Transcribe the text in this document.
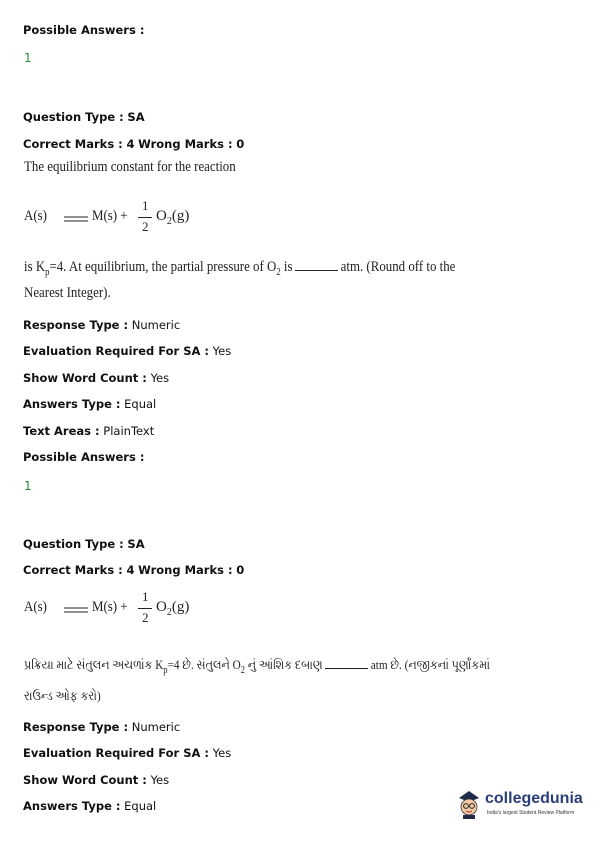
Possible Answers :
1
Question Type : SA
Correct Marks : 4 Wrong Marks : 0
The equilibrium constant for the reaction
A(s)	M(s) +
1
2
$O_2(g)$
is $K_p=4$. At equilibrium, the partial pressure of $O_2$ is	atm. (Round off to the
Nearest Integer).
Response Type : Numeric
Evaluation Required For SA : Yes
Show Word Count : Yes
Answers Type : Equal
Text Areas : PlainText
Possible Answers :
1
Question Type : SA
Correct Marks : 4 Wrong Marks : 0
A(s)	M(s) +
1
2
$O_2(g)$
પ્રક્રિયા માટે સંતુલન અચળાંક $K_p=4$ છે. સંતુલને $O_2$ નું આંશિક દબાણ	atm છે. (નજીકનાં પૂર્ણાંકમાં
રાઉન્ડ ઓફ કરો)
Response Type : Numeric
Evaluation Required For SA : Yes
Show Word Count : Yes
Answers Type : Equal	collegedunia
India's largest Student Review Platform
